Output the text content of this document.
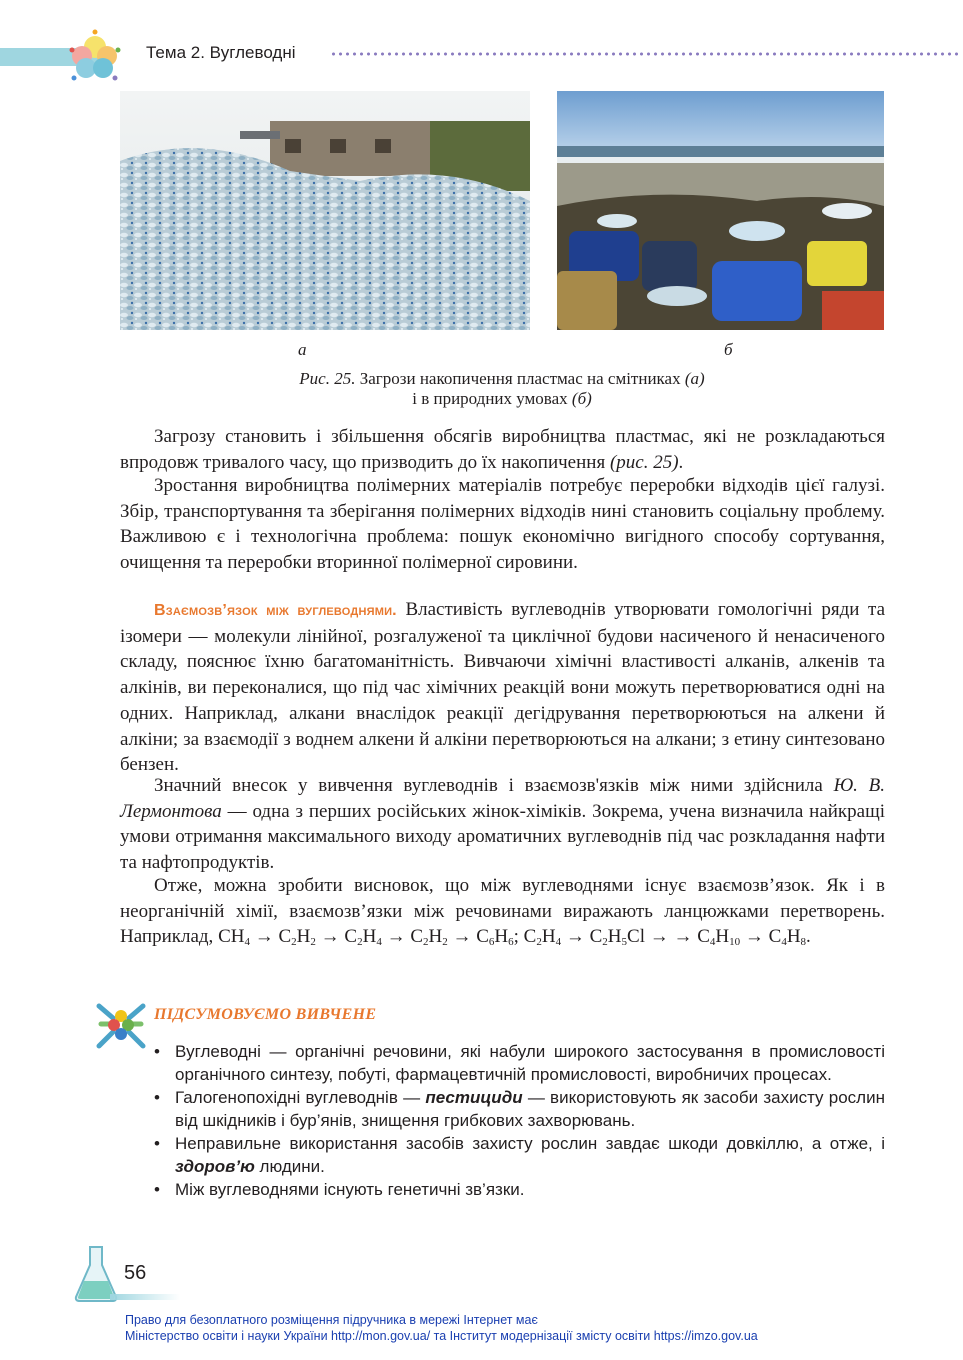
Тема 2. Вуглеводні
а	б
Рис. 25. Загрози накопичення пластмас на смітниках (а)
і в природних умовах (б)
Загрозу становить і збільшення обсягів виробництва пластмас, які не розкладаються впродовж тривалого часу, що призводить до їх накопичення (рис. 25).
Зростання виробництва полімерних матеріалів потребує переробки відходів цієї галузі. Збір, транспортування та зберігання полімерних відходів нині становить соціальну проблему. Важливою є і технологічна проблема: пошук економічно вигідного способу сортування, очищення та переробки вторинної полімерної сировини.
Взаємозв’язок між вуглеводнями. Властивість вуглеводнів утворювати гомологічні ряди та ізомери — молекули лінійної, розгалуженої та циклічної будови насиченого й ненасиченого складу, пояснює їхню багатоманітність. Вивчаючи хімічні властивості алканів, алкенів та алкінів, ви переконалися, що під час хімічних реакцій вони можуть перетворюватися одні на одних. Наприклад, алкани внаслідок реакції дегідрування перетворюються на алкени й алкіни; за взаємодії з воднем алкени й алкіни перетворюються на алкани; з етину синтезовано бензен.
Значний внесок у вивчення вуглеводнів і взаємозв'язків між ними здійснила Ю. В. Лермонтова — одна з перших російських жінок-хіміків. Зокрема, учена визначила найкращі умови отримання максимального виходу ароматичних вуглеводнів під час розкладання нафти та нафтопродуктів.
Отже, можна зробити висновок, що між вуглеводнями існує взаємозв’язок. Як і в неорганічній хімії, взаємозв’язки між речовинами виражають ланцюжками перетворень. Наприклад, $CH_4 \to C_2H_2 \to C_2H_4 \to C_2H_2 \to C_6H_6$; $C_2H_4 \to C_2H_5Cl$ → → $C_4H_{10} \to C_4H_8$.
ПІДСУМОВУЄМО ВИВЧЕНЕ
• Вуглеводні — органічні речовини, які набули широкого застосування в промисловості органічного синтезу, побуті, фармацевтичній промисловості, виробничих процесах.
• Галогенопохідні вуглеводнів — пестициди — використовують як засоби захисту рослин від шкідників і бур’янів, знищення грибкових захворювань.
• Неправильне використання засобів захисту рослин завдає шкоди довкіллю, а отже, і здоров’ю людини.
• Між вуглеводнями існують генетичні зв’язки.
56
Право для безоплатного розміщення підручника в мережі Інтернет має
Міністерство освіти і науки України http://mon.gov.ua/ та Інститут модернізації змісту освіти https://imzo.gov.ua
